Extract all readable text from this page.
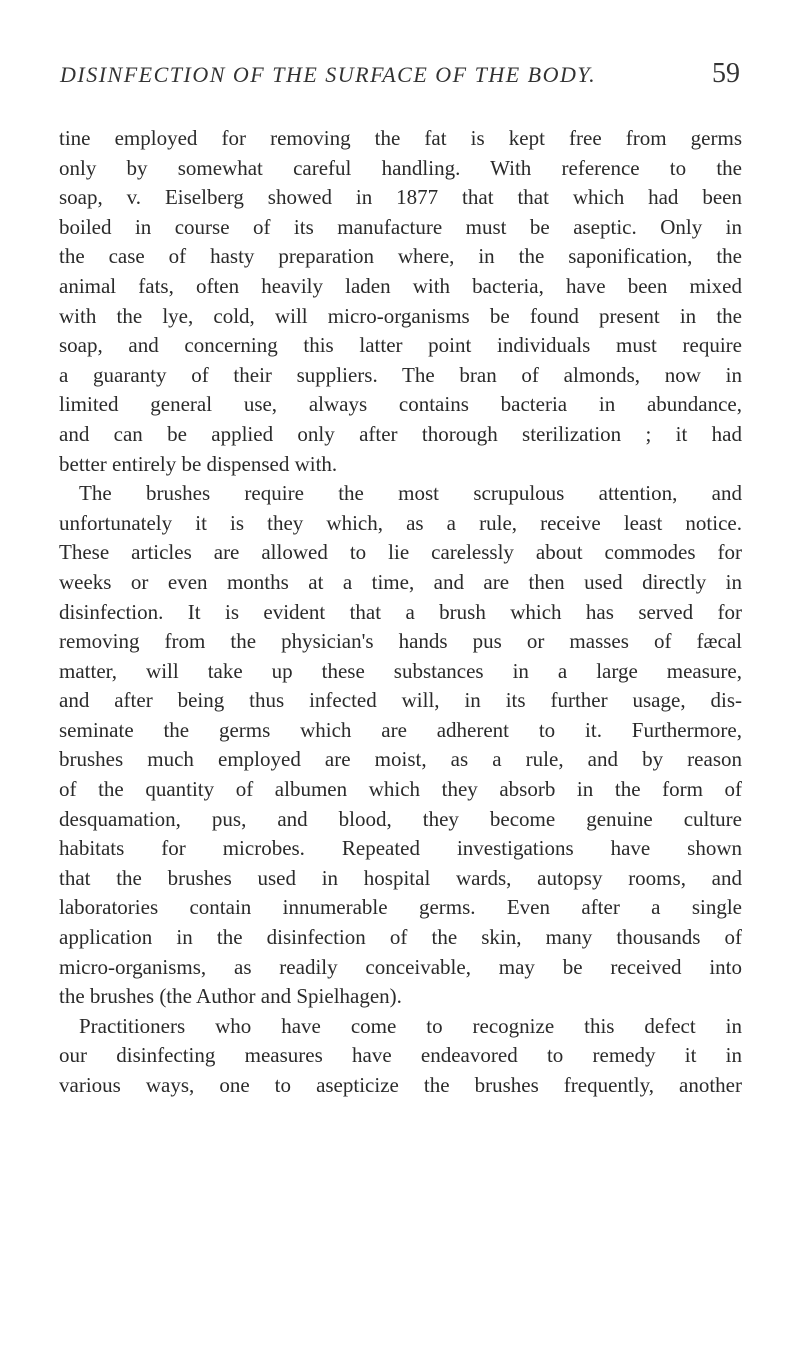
DISINFECTION OF THE SURFACE OF THE BODY.	59
tine employed for removing the fat is kept free from germs
only by somewhat careful handling. With reference to the
soap, v. Eiselberg showed in 1877 that that which had been
boiled in course of its manufacture must be aseptic. Only in
the case of hasty preparation where, in the saponification, the
animal fats, often heavily laden with bacteria, have been mixed
with the lye, cold, will micro-organisms be found present in the
soap, and concerning this latter point individuals must require
a guaranty of their suppliers. The bran of almonds, now in
limited general use, always contains bacteria in abundance,
and can be applied only after thorough sterilization ; it had
better entirely be dispensed with.
The brushes require the most scrupulous attention, and
unfortunately it is they which, as a rule, receive least notice.
These articles are allowed to lie carelessly about commodes for
weeks or even months at a time, and are then used directly in
disinfection. It is evident that a brush which has served for
removing from the physician's hands pus or masses of fæcal
matter, will take up these substances in a large measure,
and after being thus infected will, in its further usage, dis-
seminate the germs which are adherent to it. Furthermore,
brushes much employed are moist, as a rule, and by reason
of the quantity of albumen which they absorb in the form of
desquamation, pus, and blood, they become genuine culture
habitats for microbes. Repeated investigations have shown
that the brushes used in hospital wards, autopsy rooms, and
laboratories contain innumerable germs. Even after a single
application in the disinfection of the skin, many thousands of
micro-organisms, as readily conceivable, may be received into
the brushes (the Author and Spielhagen).
Practitioners who have come to recognize this defect in
our disinfecting measures have endeavored to remedy it in
various ways, one to asepticize the brushes frequently, another
